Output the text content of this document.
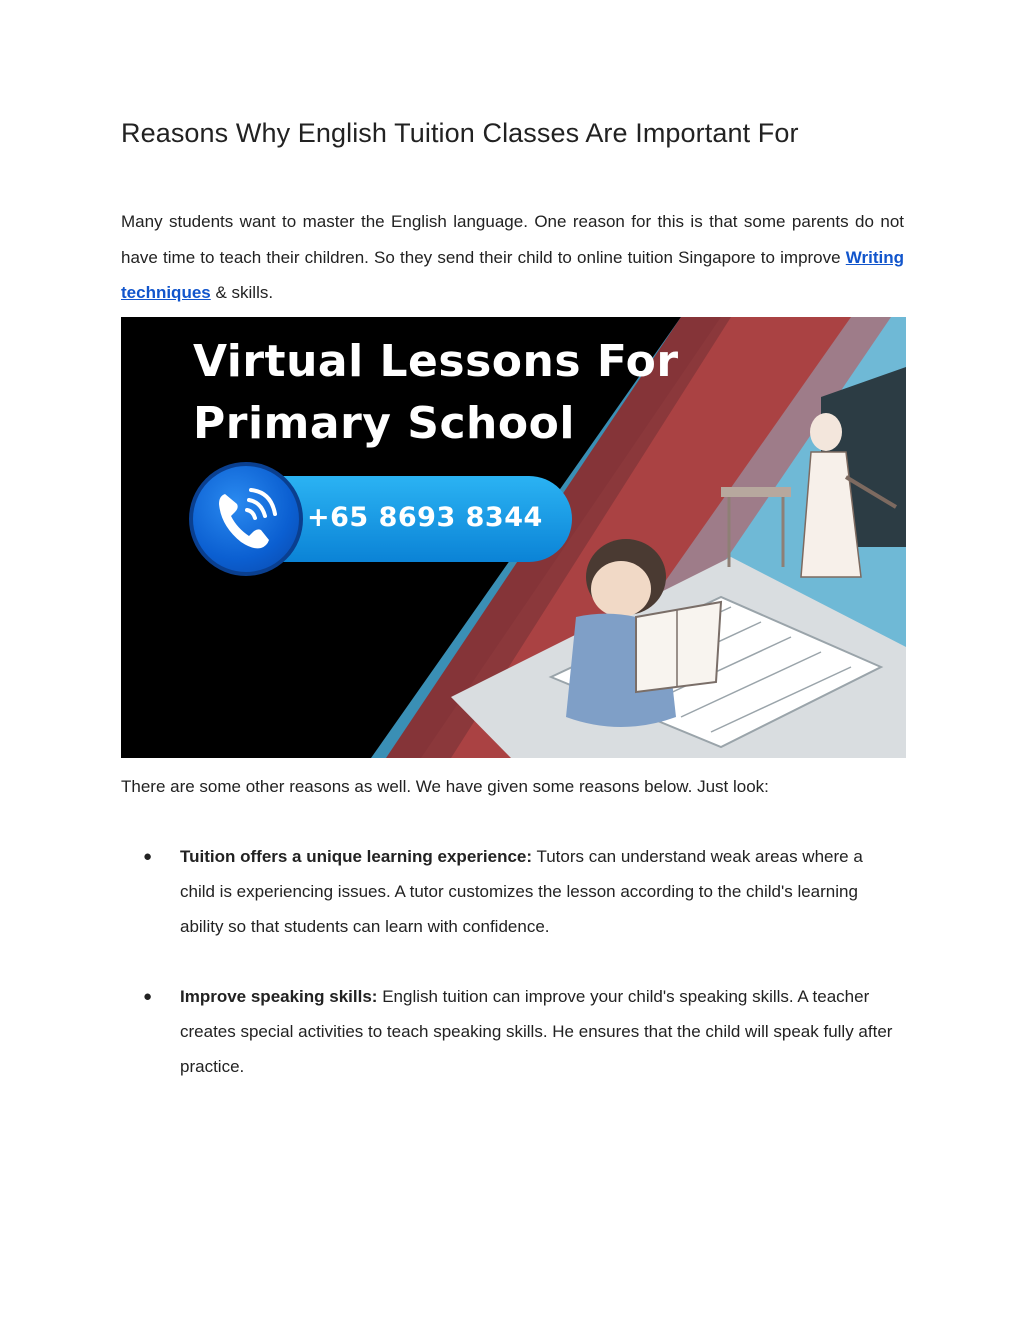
Reasons Why English Tuition Classes Are Important For

Many students want to master the English language. One reason for this is that some parents do not have time to teach their children. So they send their child to online tuition Singapore to improve Writing techniques & skills.

Virtual Lessons For
Primary School
+65 8693 8344

There are some other reasons as well. We have given some reasons below. Just look:

● Tuition offers a unique learning experience: Tutors can understand weak areas where a child is experiencing issues. A tutor customizes the lesson according to the child's learning ability so that students can learn with confidence.

● Improve speaking skills: English tuition can improve your child's speaking skills. A teacher creates special activities to teach speaking skills. He ensures that the child will speak fully after practice.
